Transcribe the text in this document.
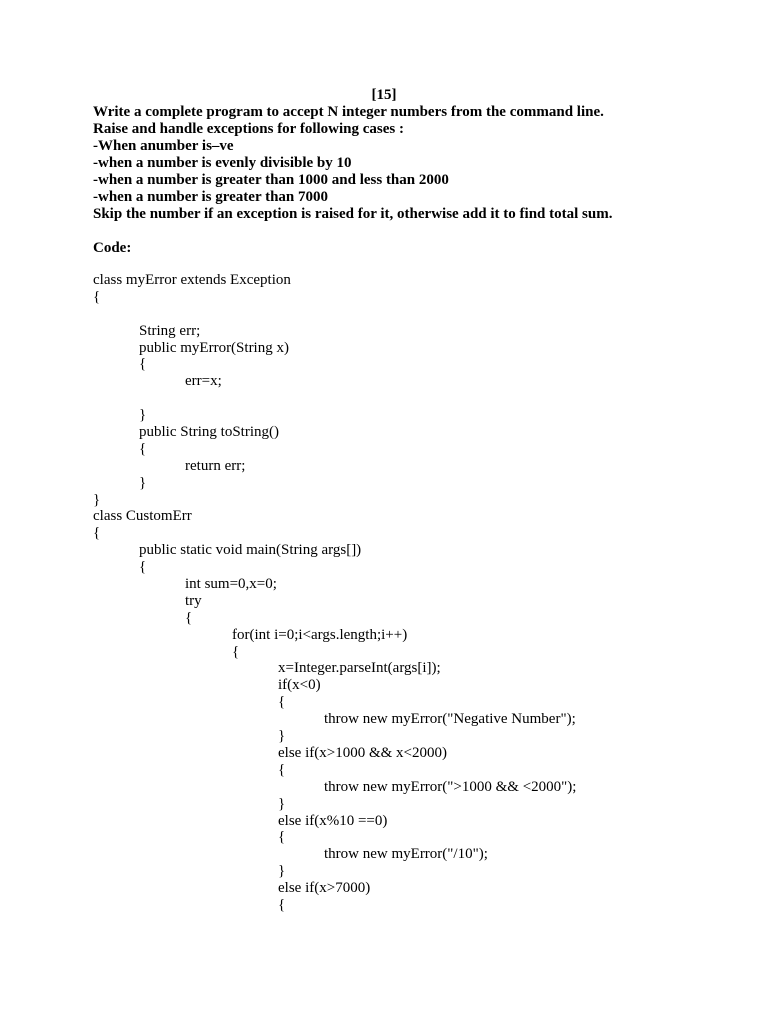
[15]
Write a complete program to accept N integer numbers from the command line.
Raise and handle exceptions for following cases :
-When anumber is–ve
-when a number is evenly divisible by 10
-when a number is greater than 1000 and less than 2000
-when a number is greater than 7000
Skip the number if an exception is raised for it, otherwise add it to find total sum.
Code:
class myError extends Exception
{
String err;
public myError(String x)
{
err=x;
}
public String toString()
{
return err;
}
}
class CustomErr
{
public static void main(String args[])
{
int sum=0,x=0;
try
{
for(int i=0;i<args.length;i++)
{
x=Integer.parseInt(args[i]);
if(x<0)
{
throw new myError("Negative Number");
}
else if(x>1000 && x<2000)
{
throw new myError(">1000 && <2000");
}
else if(x%10 ==0)
{
throw new myError("/10");
}
else if(x>7000)
{
